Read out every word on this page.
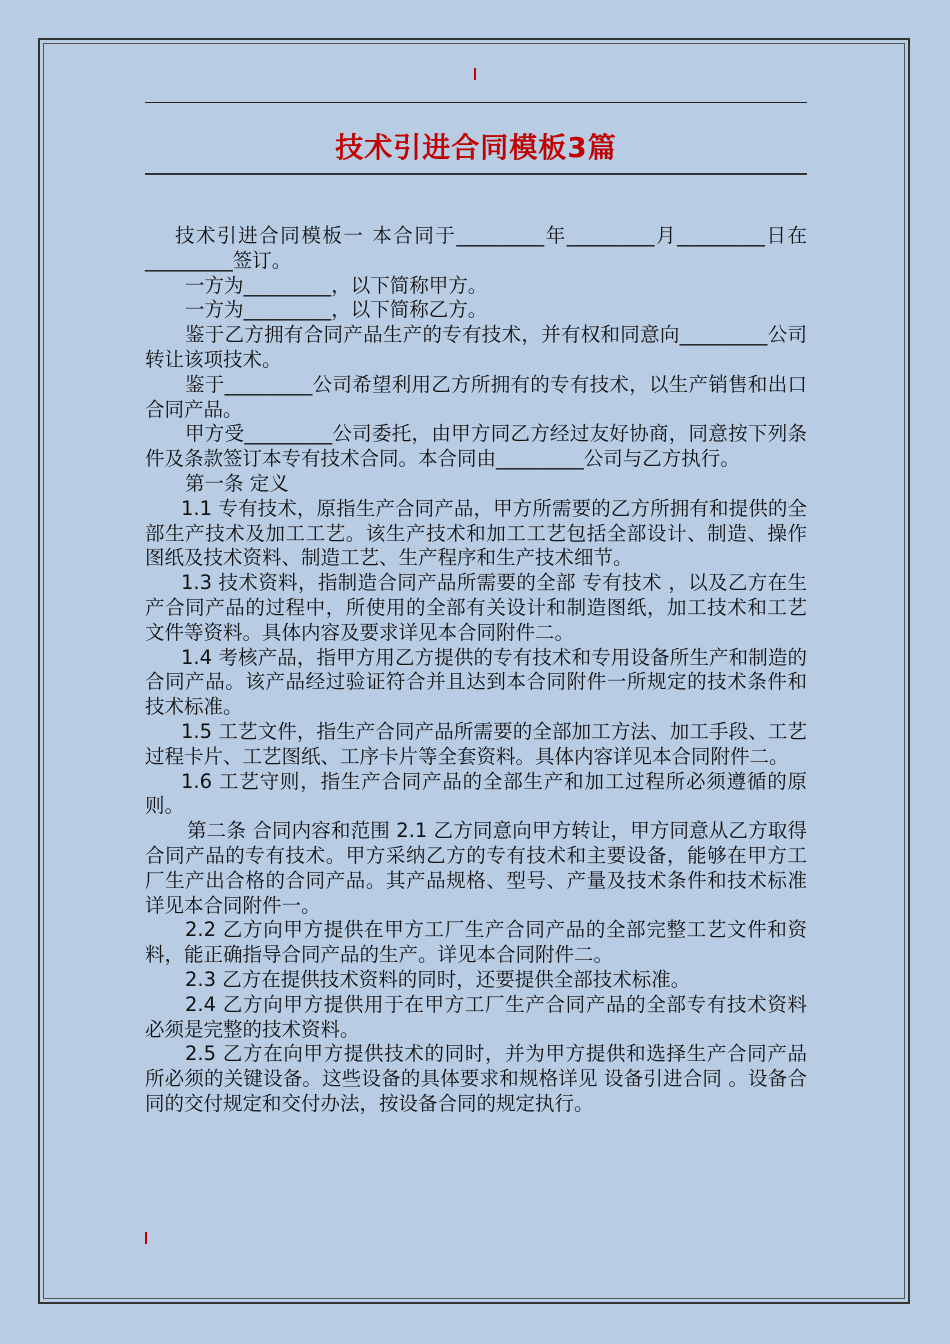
技术引进合同模板3篇

技术引进合同模板一 本合同于_________年_________月_________日在_________签订。

一方为_________，以下简称甲方。

一方为_________，以下简称乙方。

鉴于乙方拥有合同产品生产的专有技术，并有权和同意向_________公司转让该项技术。

鉴于_________公司希望利用乙方所拥有的专有技术，以生产销售和出口合同产品。

甲方受_________公司委托，由甲方同乙方经过友好协商，同意按下列条件及条款签订本专有技术合同。本合同由_________公司与乙方执行。

第一条 定义

1.1 专有技术，原指生产合同产品，甲方所需要的乙方所拥有和提供的全部生产技术及加工工艺。该生产技术和加工工艺包括全部设计、制造、操作图纸及技术资料、制造工艺、生产程序和生产技术细节。

1.3 技术资料，指制造合同产品所需要的全部 专有技术 ，以及乙方在生产合同产品的过程中，所使用的全部有关设计和制造图纸，加工技术和工艺文件等资料。具体内容及要求详见本合同附件二。

1.4 考核产品，指甲方用乙方提供的专有技术和专用设备所生产和制造的合同产品。该产品经过验证符合并且达到本合同附件一所规定的技术条件和技术标准。

1.5 工艺文件，指生产合同产品所需要的全部加工方法、加工手段、工艺过程卡片、工艺图纸、工序卡片等全套资料。具体内容详见本合同附件二。

1.6 工艺守则，指生产合同产品的全部生产和加工过程所必须遵循的原则。

第二条 合同内容和范围 2.1 乙方同意向甲方转让，甲方同意从乙方取得合同产品的专有技术。甲方采纳乙方的专有技术和主要设备，能够在甲方工厂生产出合格的合同产品。其产品规格、型号、产量及技术条件和技术标准详见本合同附件一。

2.2 乙方向甲方提供在甲方工厂生产合同产品的全部完整工艺文件和资料，能正确指导合同产品的生产。详见本合同附件二。

2.3 乙方在提供技术资料的同时，还要提供全部技术标准。

2.4 乙方向甲方提供用于在甲方工厂生产合同产品的全部专有技术资料必须是完整的技术资料。

2.5 乙方在向甲方提供技术的同时，并为甲方提供和选择生产合同产品所必须的关键设备。这些设备的具体要求和规格详见 设备引进合同 。设备合同的交付规定和交付办法，按设备合同的规定执行。
